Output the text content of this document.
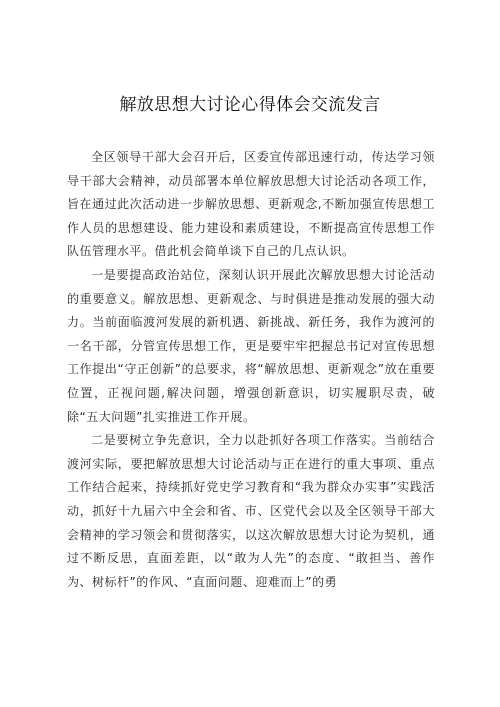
解放思想大讨论心得体会交流发言

全区领导干部大会召开后，区委宣传部迅速行动，传达学习领导干部大会精神，动员部署本单位解放思想大讨论活动各项工作，旨在通过此次活动进一步解放思想、更新观念,不断加强宣传思想工作人员的思想建设、能力建设和素质建设，不断提高宣传思想工作队伍管理水平。借此机会简单谈下自己的几点认识。

一是要提高政治站位，深刻认识开展此次解放思想大讨论活动的重要意义。解放思想、更新观念、与时俱进是推动发展的强大动力。当前面临渡河发展的新机遇、新挑战、新任务，我作为渡河的一名干部，分管宣传思想工作，更是要牢牢把握总书记对宣传思想工作提出“守正创新”的总要求，将“解放思想、更新观念”放在重要位置，正视问题,解决问题，增强创新意识，切实履职尽责，破除“五大问题”扎实推进工作开展。

二是要树立争先意识，全力以赴抓好各项工作落实。当前结合渡河实际，要把解放思想大讨论活动与正在进行的重大事项、重点工作结合起来，持续抓好党史学习教育和“我为群众办实事”实践活动，抓好十九届六中全会和省、市、区党代会以及全区领导干部大会精神的学习领会和贯彻落实，以这次解放思想大讨论为契机，通过不断反思，直面差距，以“敢为人先”的态度、“敢担当、善作为、树标杆”的作风、“直面问题、迎难而上”的勇
